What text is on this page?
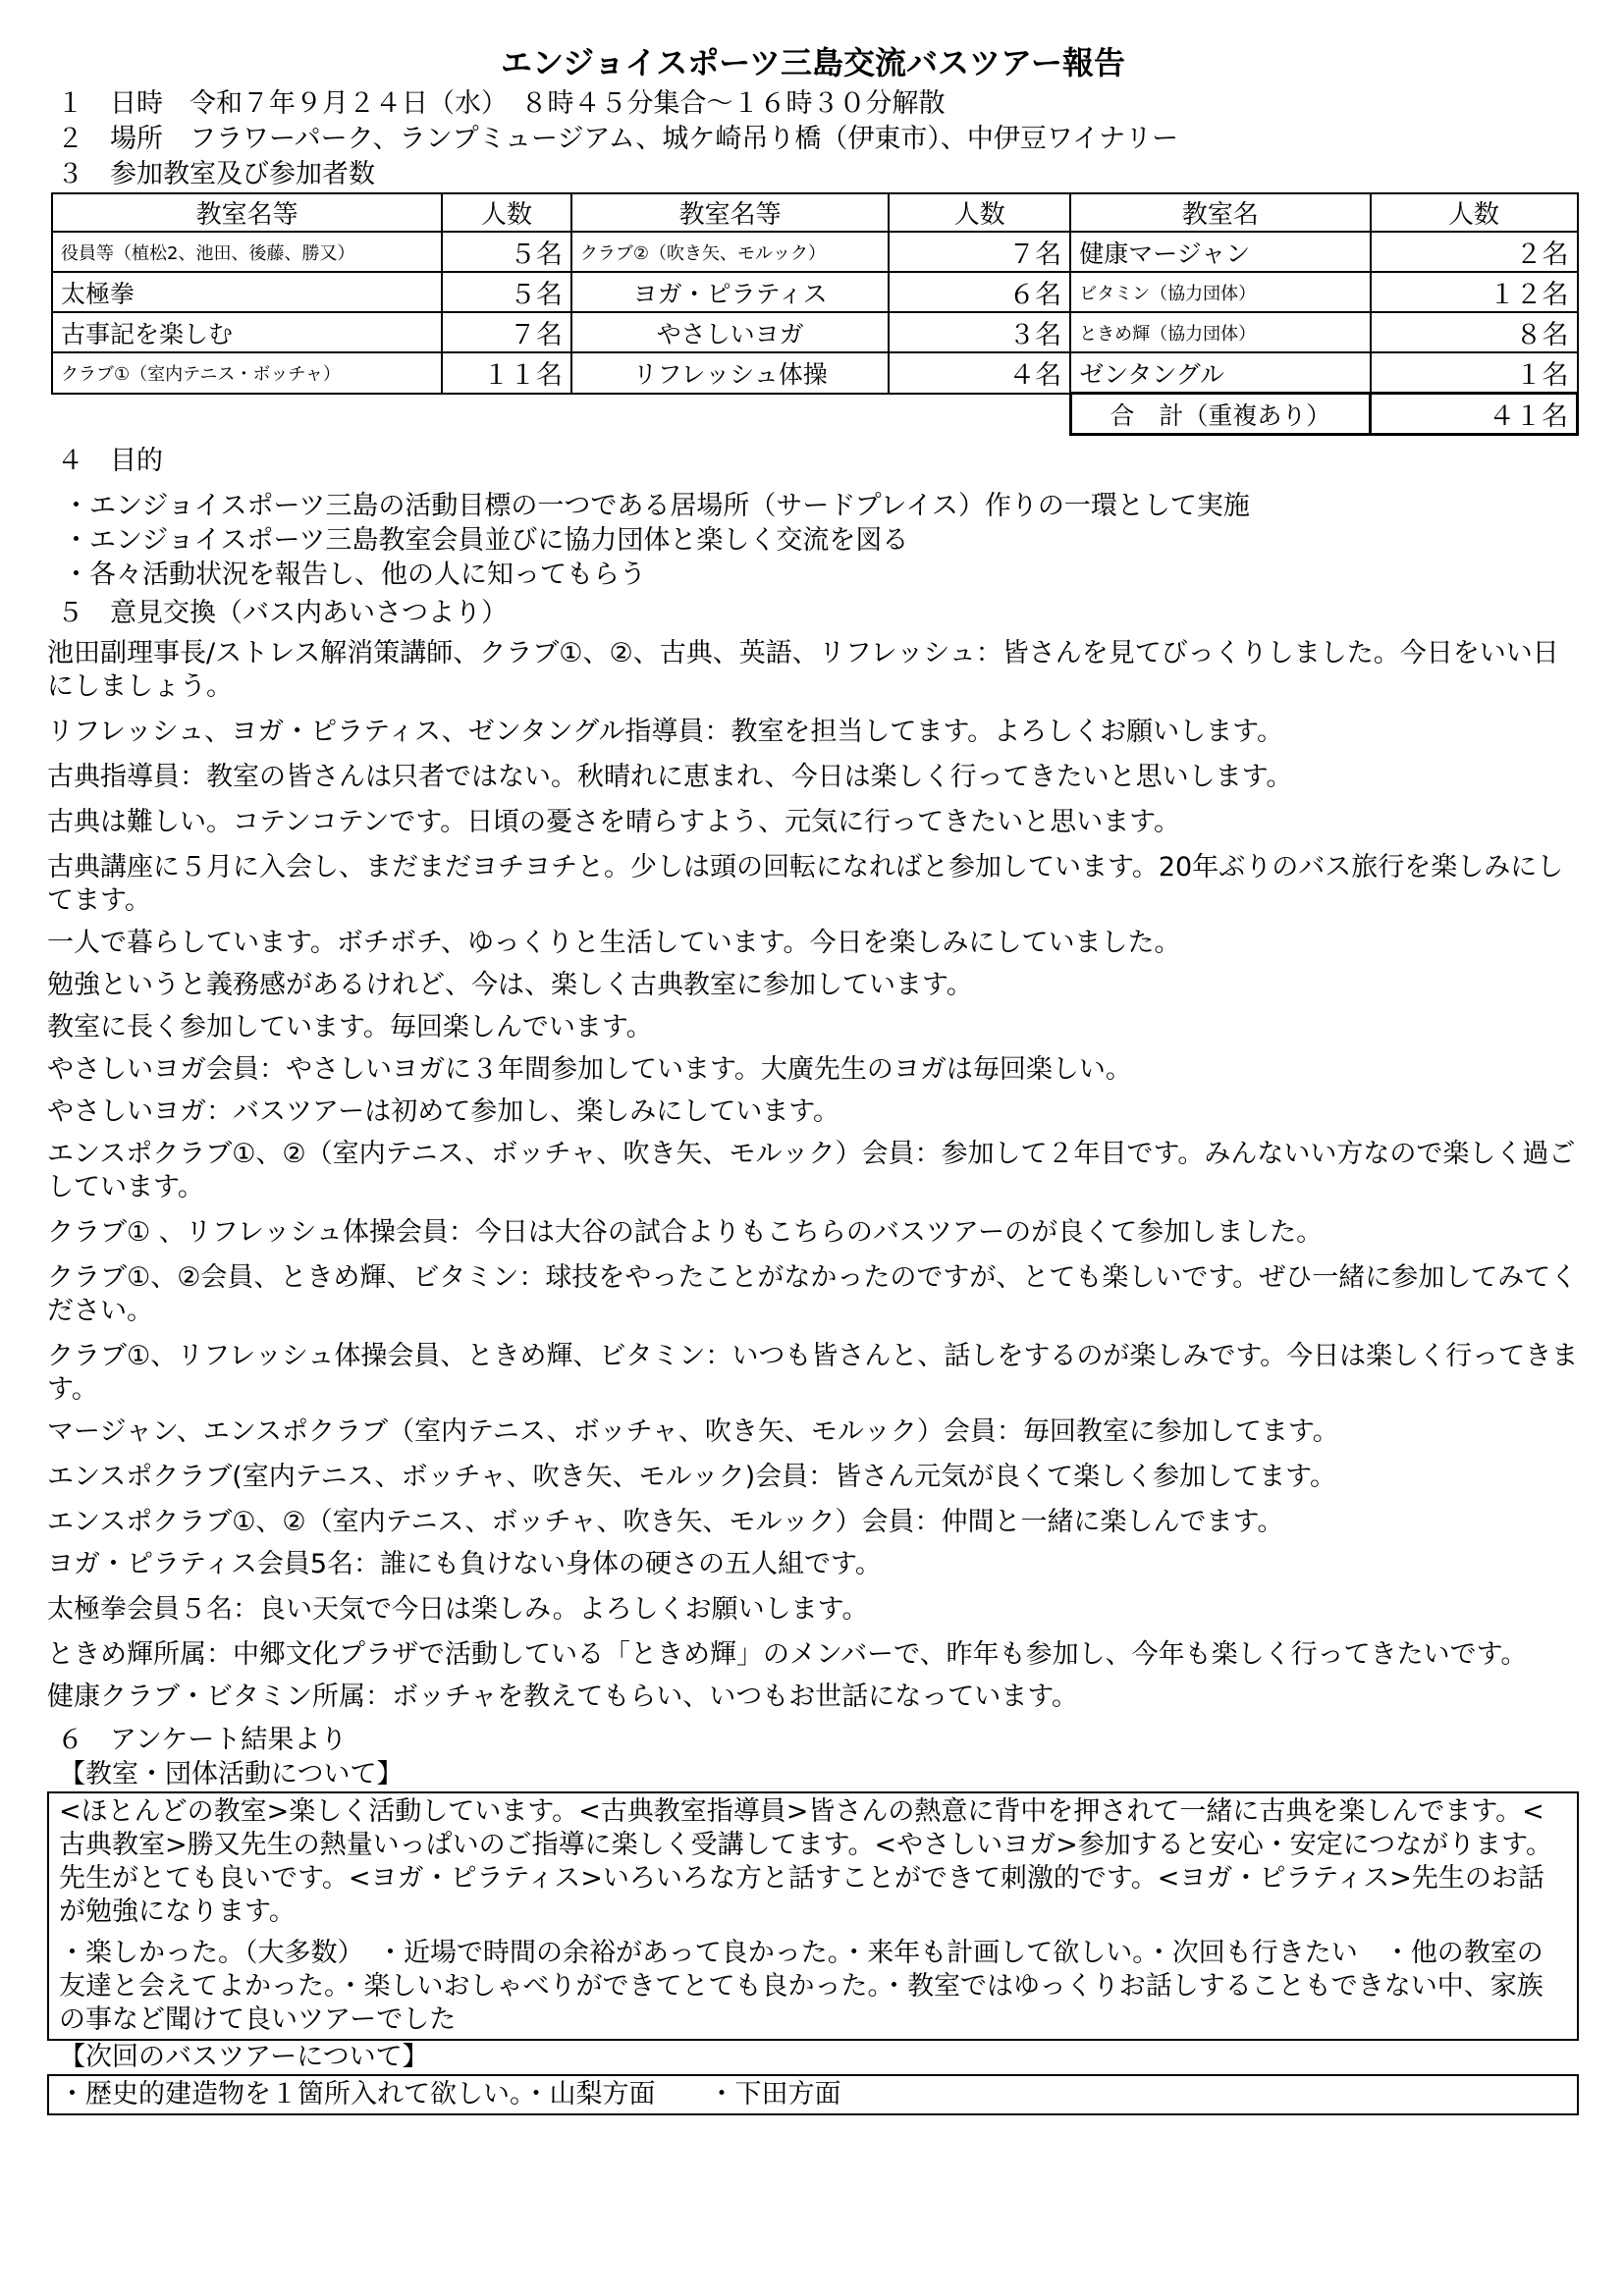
エンジョイスポーツ三島交流バスツアー報告

１ 日時　令和７年９月２４日（水）　８時４５分集合～１６時３０分解散

２ 場所　フラワーパーク、ランプミュージアム、城ケ崎吊り橋（伊東市）、中伊豆ワイナリー

３ 参加教室及び参加者数

教室名等	人数	教室名等	人数	教室名	人数
役員等（植松2、池田、後藤、勝又）	５名	クラブ②（吹き矢、モルック）	７名	健康マージャン	２名
太極拳	５名	ヨガ・ピラティス	６名	ビタミン（協力団体）	１２名
古事記を楽しむ	７名	やさしいヨガ	３名	ときめ輝（協力団体）	８名
クラブ①（室内テニス・ボッチャ）	１１名	リフレッシュ体操	４名	ゼンタングル	１名
				合　計（重複あり）	４１名

４ 目的

・エンジョイスポーツ三島の活動目標の一つである居場所（サードプレイス）作りの一環として実施

・エンジョイスポーツ三島教室会員並びに協力団体と楽しく交流を図る

・各々活動状況を報告し、他の人に知ってもらう

５ 意見交換（バス内あいさつより）

池田副理事長/ストレス解消策講師、クラブ①、②、古典、英語、リフレッシュ：皆さんを見てびっくりしました。今日をいい日にしましょう。

リフレッシュ、ヨガ・ピラティス、ゼンタングル指導員：教室を担当してます。よろしくお願いします。

古典指導員：教室の皆さんは只者ではない。秋晴れに恵まれ、今日は楽しく行ってきたいと思いします。

古典は難しい。コテンコテンです。日頃の憂さを晴らすよう、元気に行ってきたいと思います。

古典講座に５月に入会し、まだまだヨチヨチと。少しは頭の回転になればと参加しています。20年ぶりのバス旅行を楽しみにしてます。

一人で暮らしています。ボチボチ、ゆっくりと生活しています。今日を楽しみにしていました。

勉強というと義務感があるけれど、今は、楽しく古典教室に参加しています。

教室に長く参加しています。毎回楽しんでいます。

やさしいヨガ会員：やさしいヨガに３年間参加しています。大廣先生のヨガは毎回楽しい。

やさしいヨガ：バスツアーは初めて参加し、楽しみにしています。

エンスポクラブ①、②（室内テニス、ボッチャ、吹き矢、モルック）会員：参加して２年目です。みんないい方なので楽しく過ごしています。

クラブ① 、リフレッシュ体操会員：今日は大谷の試合よりもこちらのバスツアーのが良くて参加しました。

クラブ①、②会員、ときめ輝、ビタミン：球技をやったことがなかったのですが、とても楽しいです。ぜひ一緒に参加してみてください。

クラブ①、リフレッシュ体操会員、ときめ輝、ビタミン：いつも皆さんと、話しをするのが楽しみです。今日は楽しく行ってきます。

マージャン、エンスポクラブ（室内テニス、ボッチャ、吹き矢、モルック）会員：毎回教室に参加してます。

エンスポクラブ(室内テニス、ボッチャ、吹き矢、モルック)会員：皆さん元気が良くて楽しく参加してます。

エンスポクラブ①、②（室内テニス、ボッチャ、吹き矢、モルック）会員：仲間と一緒に楽しんでます。

ヨガ・ピラティス会員5名：誰にも負けない身体の硬さの五人組です。

太極拳会員５名：良い天気で今日は楽しみ。よろしくお願いします。

ときめ輝所属：中郷文化プラザで活動している「ときめ輝」のメンバーで、昨年も参加し、今年も楽しく行ってきたいです。

健康クラブ・ビタミン所属：ボッチャを教えてもらい、いつもお世話になっています。

６ アンケート結果より

【教室・団体活動について】

<ほとんどの教室>楽しく活動しています。<古典教室指導員>皆さんの熱意に背中を押されて一緒に古典を楽しんでます。<古典教室>勝又先生の熱量いっぱいのご指導に楽しく受講してます。<やさしいヨガ>参加すると安心・安定につながります。先生がとても良いです。<ヨガ・ピラティス>いろいろな方と話すことができて刺激的です。<ヨガ・ピラティス>先生のお話が勉強になります。

・楽しかった。（大多数）　・近場で時間の余裕があって良かった。・来年も計画して欲しい。・次回も行きたい　・他の教室の友達と会えてよかった。・楽しいおしゃべりができてとても良かった。・教室ではゆっくりお話しすることもできない中、家族の事など聞けて良いツアーでした

【次回のバスツアーについて】

・歴史的建造物を１箇所入れて欲しい。・山梨方面　　・下田方面
